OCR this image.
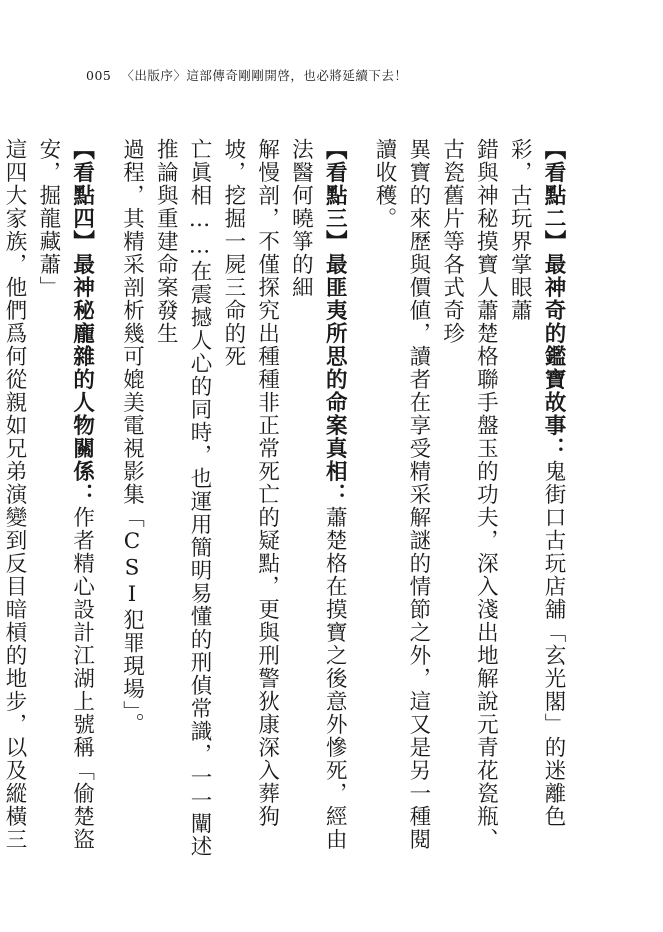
005 〈出版序〉這部傳奇剛剛開啓，也必將延續下去！
【看點二】最神奇的鑑寶故事：鬼街口古玩店舖「玄光閣」的迷離色彩，古玩界掌眼蕭
錯與神秘摸寶人蕭楚格聯手盤玉的功夫，深入淺出地解說元青花瓷瓶、古瓷舊片等各式奇珍
異寶的來歷與價値，讀者在享受精采解謎的情節之外，這又是另一種閱讀收穫。
【看點三】最匪夷所思的命案真相：蕭楚格在摸寶之後意外慘死，經由法醫何曉箏的細
解慢剖，不僅探究出種種非正常死亡的疑點，更與刑警狄康深入葬狗坡，挖掘一屍三命的死
亡眞相……在震撼人心的同時，也運用簡明易懂的刑偵常識，一一闡述推論與重建命案發生
過程，其精采剖析幾可媲美電視影集「CSI犯罪現場」。
【看點四】最神秘龐雜的人物關係：作者精心設計江湖上號稱「偷楚盜安，掘龍藏蕭」
這四大家族，他們爲何從親如兄弟演變到反目暗槓的地步，以及縱橫三
